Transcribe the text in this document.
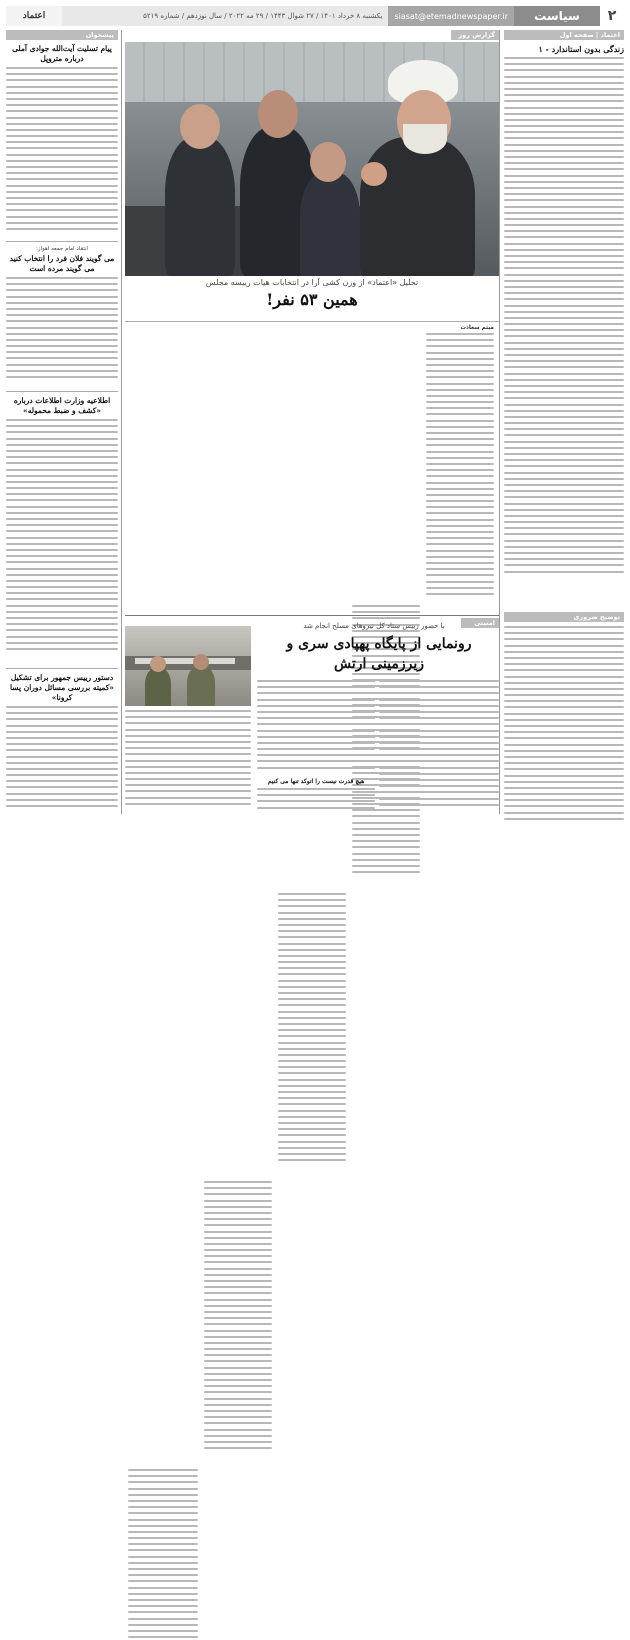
۲
سیاست
siasat@etemadnewspaper.ir
یکشنبه ۸ خرداد ۱۴۰۱ / ۲۷ شوال ۱۴۴۳ / ۲۹ مه ۲۰۲۲ / سال نوزدهم / شماره ۵۲۱۹
اعتماد
اعتماد | صفحه اول
زندگی بدون استاندارد - ۱
توضیح ضروری
گزارش روز
تحلیل «اعتماد» از وزن کشی آرا در انتخابات هیات رییسه مجلس
همین ۵۳ نفر!
میثم سعادت
امنیتی
با حضور رییس ستاد کل نیروهای مسلح انجام شد
رونمایی از پایگاه پهپادی سری و زیرزمینی ارتش
هیچ قدرت نیست را اتوکد تنها می کنیم
پیشخوان
پیام تسلیت آیت‌الله جوادی آملی درباره متروپل
انتقاد امام جمعه اهواز:
می گویند فلان فرد را انتخاب کنید می گویند مرده است
اطلاعیه وزارت اطلاعات درباره «کشف و ضبط محموله»
دستور رییس جمهور برای تشکیل «کمیته بررسی مسائل دوران پسا کرونا»
